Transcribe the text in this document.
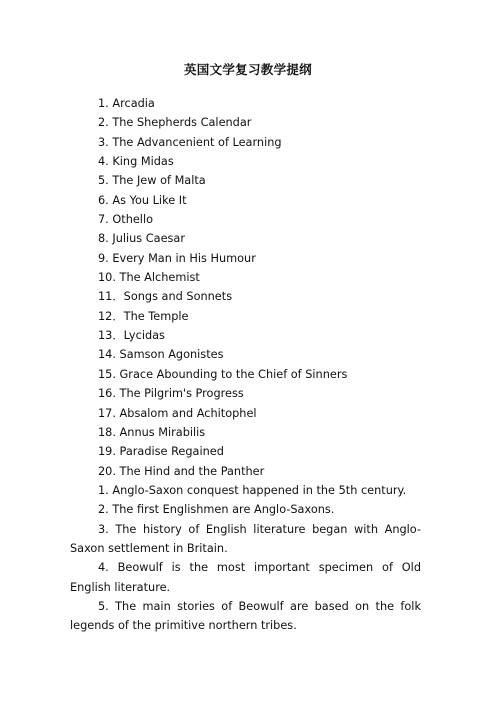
英国文学复习教学提纲
1. Arcadia
2. The Shepherds Calendar
3. The Advancenient of Learning
4. King Midas
5. The Jew of Malta
6. As You Like It
7. Othello
8. Julius Caesar
9. Every Man in His Humour
10. The Alchemist
11．Songs and Sonnets
12．The Temple
13．Lycidas
14. Samson Agonistes
15. Grace Abounding to the Chief of Sinners
16. The Pilgrim's Progress
17. Absalom and Achitophel
18. Annus Mirabilis
19. Paradise Regained
20. The Hind and the Panther

1. Anglo-Saxon conquest happened in the 5th century.

2. The first Englishmen are Anglo-Saxons.

3. The history of English literature began with Anglo-Saxon settlement in Britain.

4. Beowulf is the most important specimen of Old English literature.

5. The main stories of Beowulf are based on the folk legends of the primitive northern tribes.
